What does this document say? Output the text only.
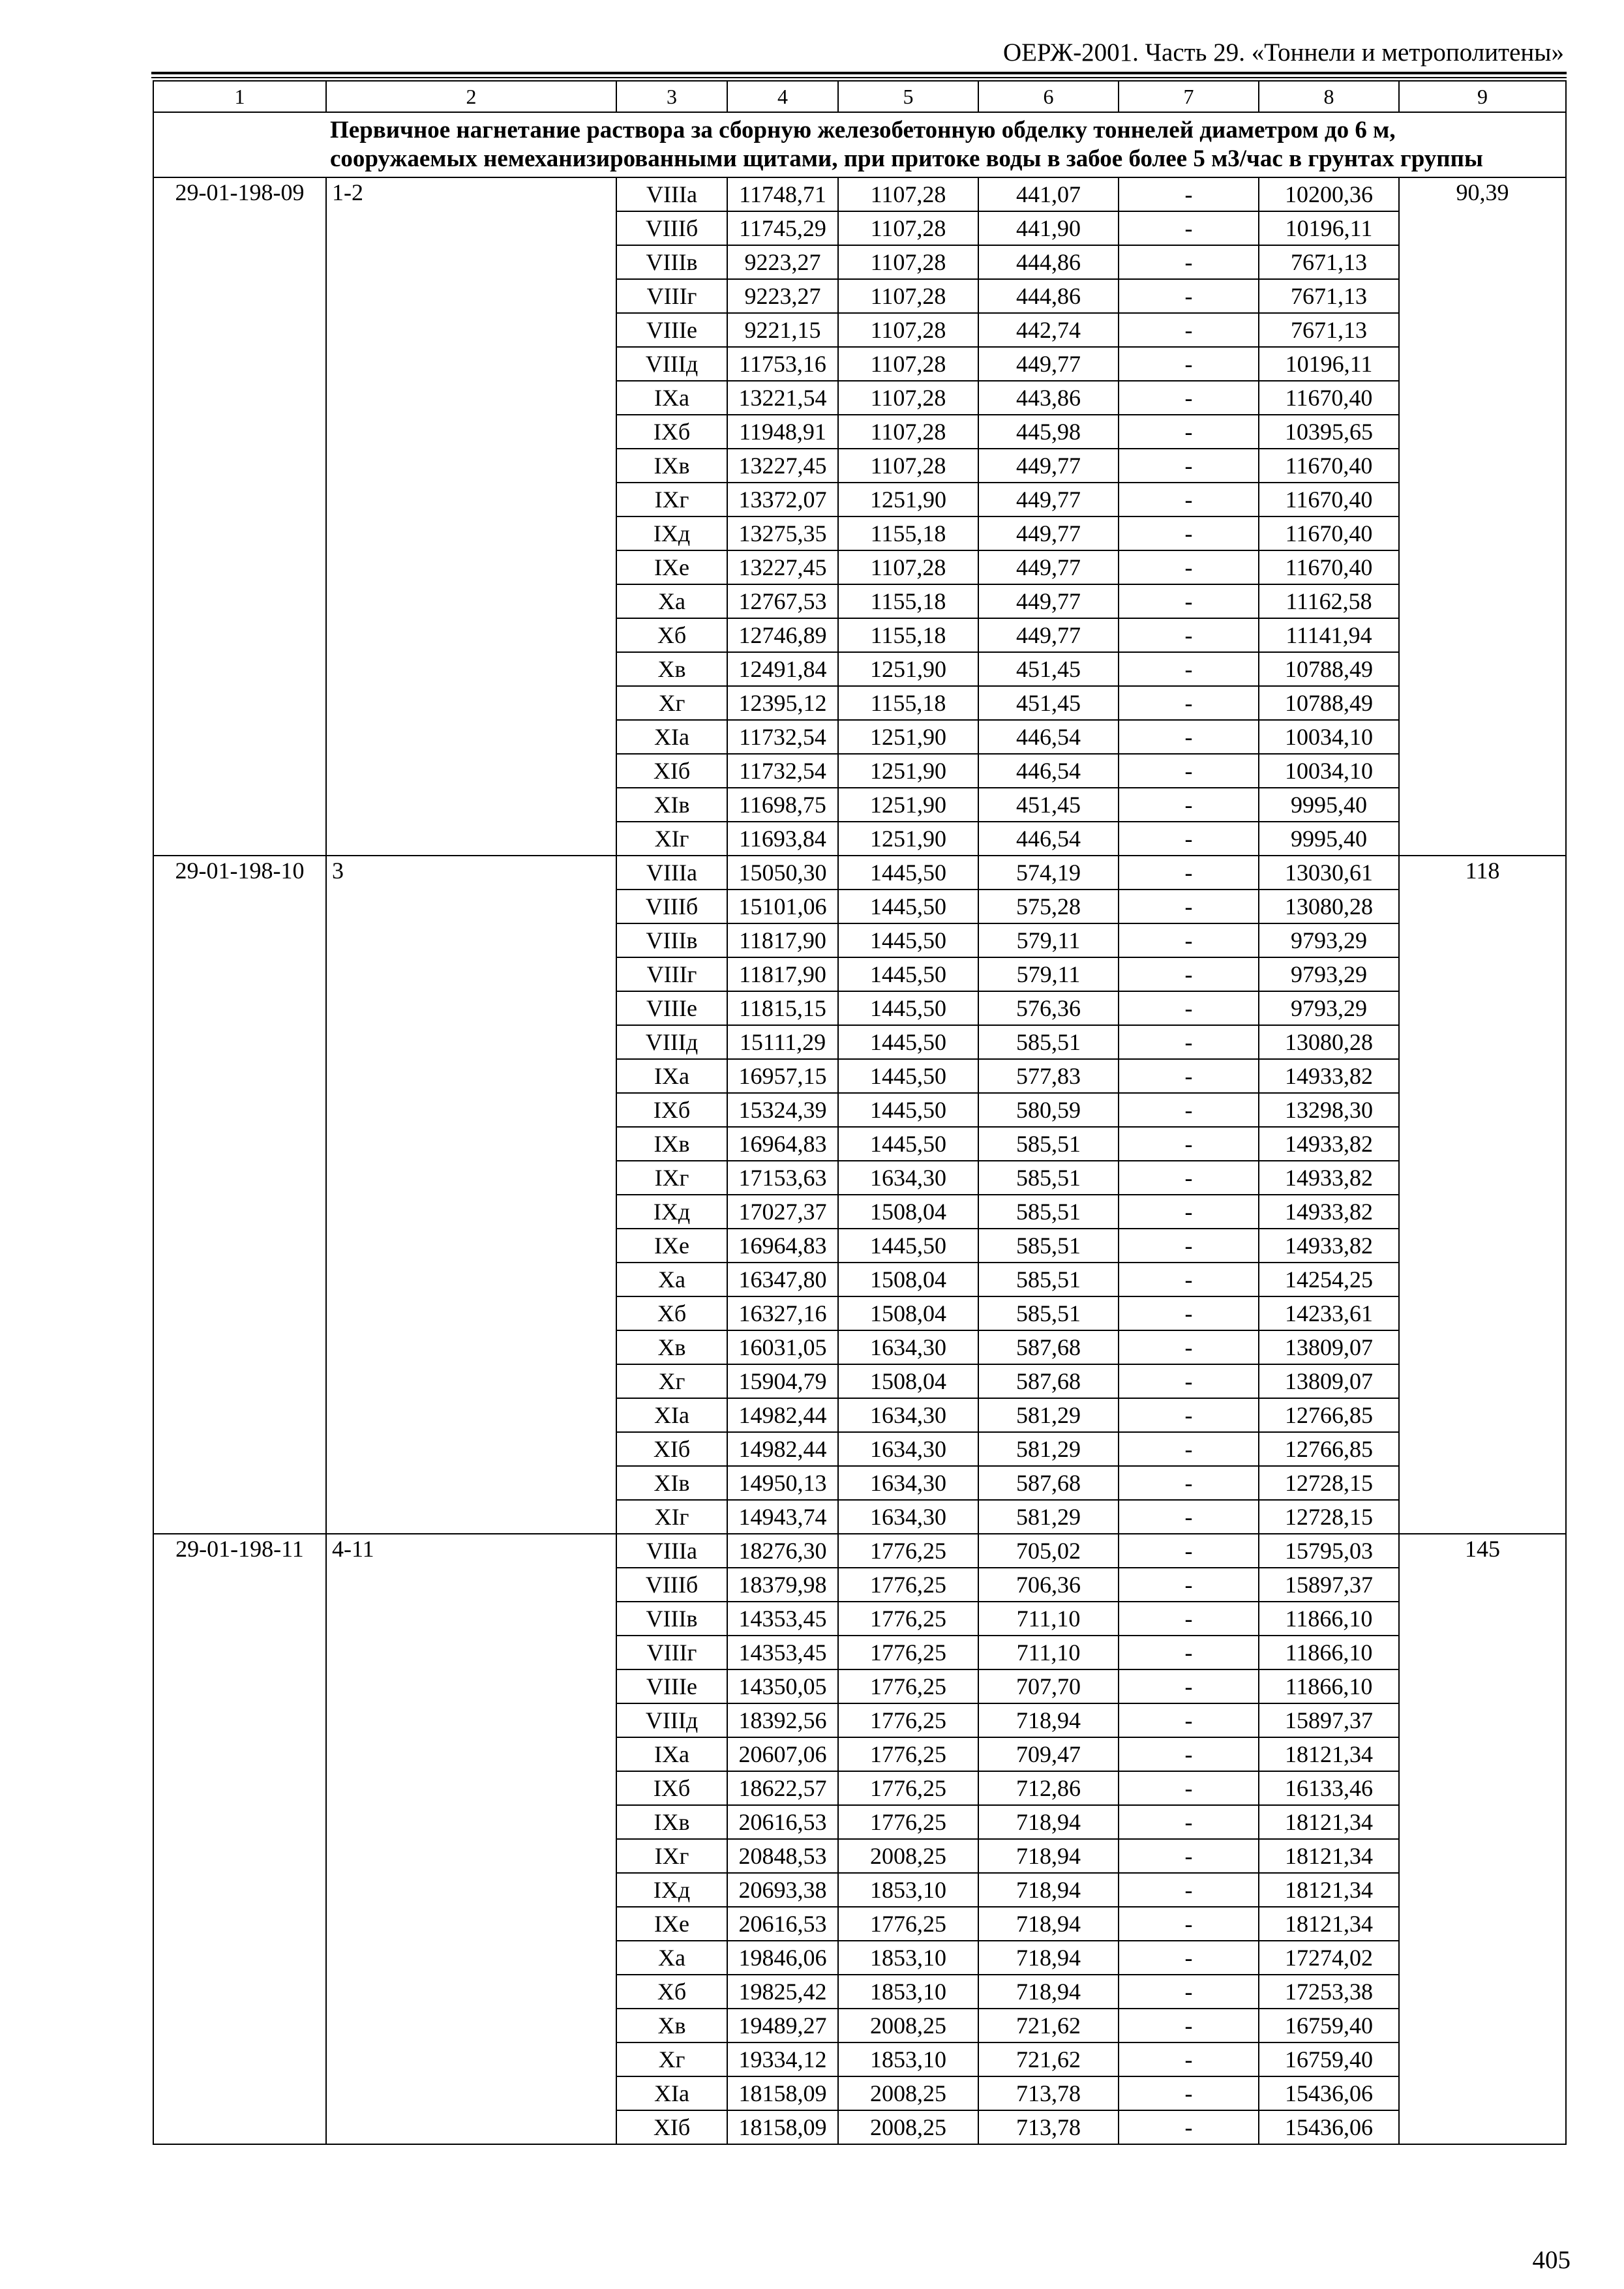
ОЕРЖ-2001. Часть 29. «Тоннели и метрополитены»
1	2	3	4	5	6	7	8	9

Первичное нагнетание раствора за сборную железобетонную обделку тоннелей диаметром до 6 м,
сооружаемых немеханизированными щитами, при притоке воды в забое более 5 м3/час в грунтах группы								

29-01-198-09	1-2	VIIIа	11748,71	1107,28	441,07	-	10200,36	90,39
		VIIIб	11745,29	1107,28	441,90	-	10196,11	
		VIIIв	9223,27	1107,28	444,86	-	7671,13	
		VIIIг	9223,27	1107,28	444,86	-	7671,13	
		VIIIе	9221,15	1107,28	442,74	-	7671,13	
		VIIIд	11753,16	1107,28	449,77	-	10196,11	
		IXа	13221,54	1107,28	443,86	-	11670,40	
		IXб	11948,91	1107,28	445,98	-	10395,65	
		IXв	13227,45	1107,28	449,77	-	11670,40	
		IXг	13372,07	1251,90	449,77	-	11670,40	
		IXд	13275,35	1155,18	449,77	-	11670,40	
		IXе	13227,45	1107,28	449,77	-	11670,40	
		Xа	12767,53	1155,18	449,77	-	11162,58	
		Xб	12746,89	1155,18	449,77	-	11141,94	
		Xв	12491,84	1251,90	451,45	-	10788,49	
		Xг	12395,12	1155,18	451,45	-	10788,49	
		XIа	11732,54	1251,90	446,54	-	10034,10	
		XIб	11732,54	1251,90	446,54	-	10034,10	
		XIв	11698,75	1251,90	451,45	-	9995,40	
		XIг	11693,84	1251,90	446,54	-	9995,40	
29-01-198-10	3	VIIIа	15050,30	1445,50	574,19	-	13030,61	118
		VIIIб	15101,06	1445,50	575,28	-	13080,28	
		VIIIв	11817,90	1445,50	579,11	-	9793,29	
		VIIIг	11817,90	1445,50	579,11	-	9793,29	
		VIIIе	11815,15	1445,50	576,36	-	9793,29	
		VIIIд	15111,29	1445,50	585,51	-	13080,28	
		IXа	16957,15	1445,50	577,83	-	14933,82	
		IXб	15324,39	1445,50	580,59	-	13298,30	
		IXв	16964,83	1445,50	585,51	-	14933,82	
		IXг	17153,63	1634,30	585,51	-	14933,82	
		IXд	17027,37	1508,04	585,51	-	14933,82	
		IXе	16964,83	1445,50	585,51	-	14933,82	
		Xа	16347,80	1508,04	585,51	-	14254,25	
		Xб	16327,16	1508,04	585,51	-	14233,61	
		Xв	16031,05	1634,30	587,68	-	13809,07	
		Xг	15904,79	1508,04	587,68	-	13809,07	
		XIа	14982,44	1634,30	581,29	-	12766,85	
		XIб	14982,44	1634,30	581,29	-	12766,85	
		XIв	14950,13	1634,30	587,68	-	12728,15	
		XIг	14943,74	1634,30	581,29	-	12728,15	
29-01-198-11	4-11	VIIIа	18276,30	1776,25	705,02	-	15795,03	145
		VIIIб	18379,98	1776,25	706,36	-	15897,37	
		VIIIв	14353,45	1776,25	711,10	-	11866,10	
		VIIIг	14353,45	1776,25	711,10	-	11866,10	
		VIIIе	14350,05	1776,25	707,70	-	11866,10	
		VIIIд	18392,56	1776,25	718,94	-	15897,37	
		IXа	20607,06	1776,25	709,47	-	18121,34	
		IXб	18622,57	1776,25	712,86	-	16133,46	
		IXв	20616,53	1776,25	718,94	-	18121,34	
		IXг	20848,53	2008,25	718,94	-	18121,34	
		IXд	20693,38	1853,10	718,94	-	18121,34	
		IXе	20616,53	1776,25	718,94	-	18121,34	
		Xа	19846,06	1853,10	718,94	-	17274,02	
		Xб	19825,42	1853,10	718,94	-	17253,38	
		Xв	19489,27	2008,25	721,62	-	16759,40	
		Xг	19334,12	1853,10	721,62	-	16759,40	
		XIа	18158,09	2008,25	713,78	-	15436,06	
		XIб	18158,09	2008,25	713,78	-	15436,06	
405
